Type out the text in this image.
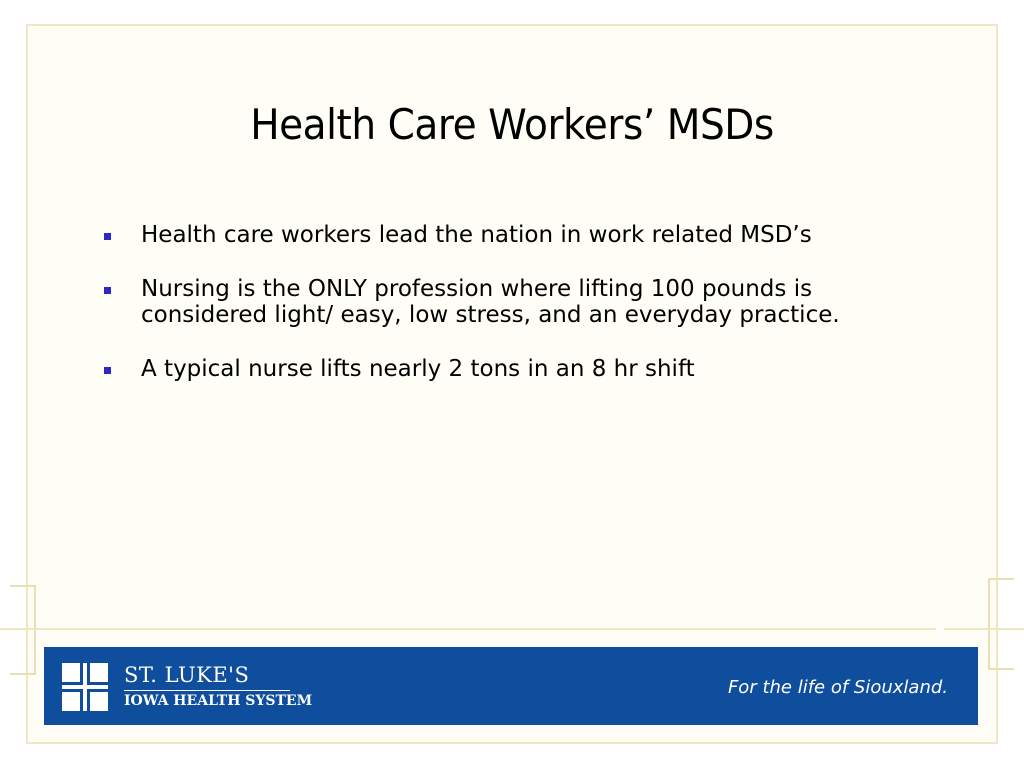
Health Care Workers’ MSDs
Health care workers lead the nation in work related MSD’s
Nursing is the ONLY profession where lifting 100 pounds is considered light/ easy, low stress, and an everyday practice.
A typical nurse lifts nearly 2 tons in an 8 hr shift
ST. LUKE'S
IOWA HEALTH SYSTEM
For the life of Siouxland.
